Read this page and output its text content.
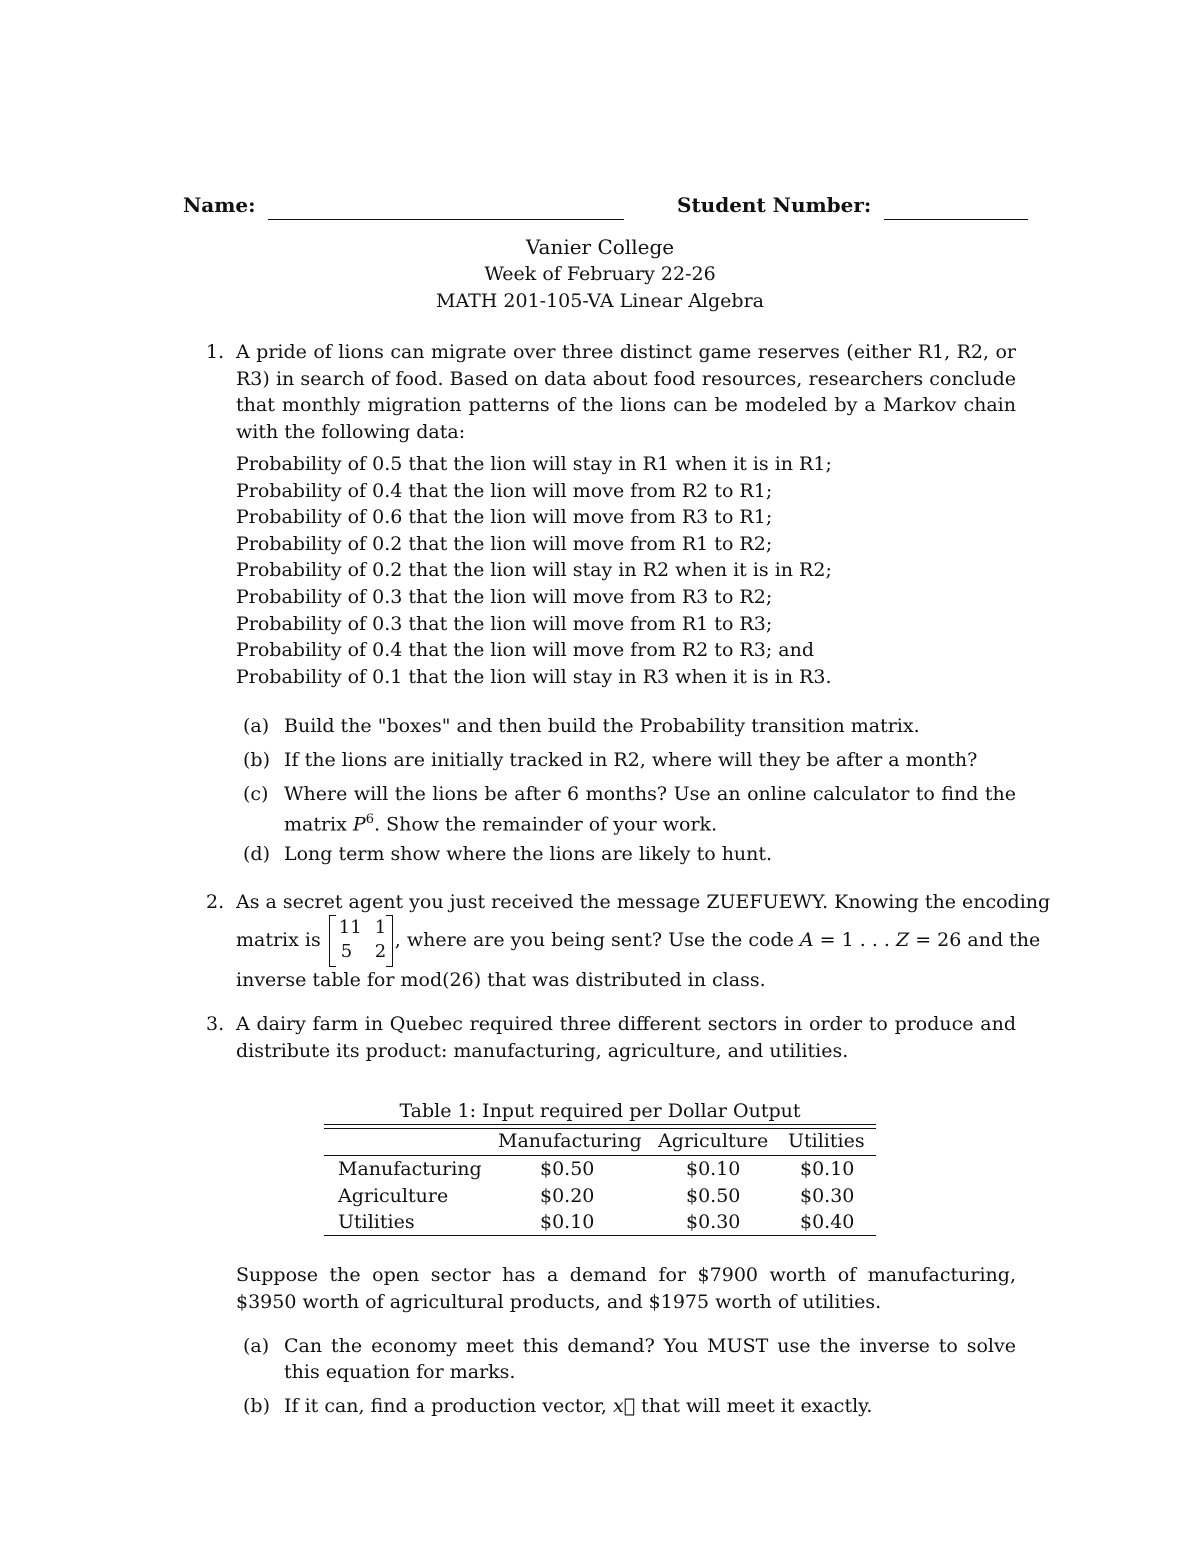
Name:	Student Number:
Vanier College
Week of February 22-26
MATH 201-105-VA Linear Algebra
1. A pride of lions can migrate over three distinct game reserves (either R1, R2, or R3) in search of food. Based on data about food resources, researchers conclude that monthly migration patterns of the lions can be modeled by a Markov chain with the following data:
Probability of 0.5 that the lion will stay in R1 when it is in R1;
Probability of 0.4 that the lion will move from R2 to R1;
Probability of 0.6 that the lion will move from R3 to R1;
Probability of 0.2 that the lion will move from R1 to R2;
Probability of 0.2 that the lion will stay in R2 when it is in R2;
Probability of 0.3 that the lion will move from R3 to R2;
Probability of 0.3 that the lion will move from R1 to R3;
Probability of 0.4 that the lion will move from R2 to R3; and
Probability of 0.1 that the lion will stay in R3 when it is in R3.
(a) Build the "boxes" and then build the Probability transition matrix.
(b) If the lions are initially tracked in R2, where will they be after a month?
(c) Where will the lions be after 6 months? Use an online calculator to find the matrix $P^6$. Show the remainder of your work.
(d) Long term show where the lions are likely to hunt.
2. As a secret agent you just received the message ZUEFUEWY. Knowing the encoding
matrix is
11 1
5 2
, where are you being sent? Use the code A = 1 . . . Z = 26 and the
inverse table for mod(26) that was distributed in class.
3. A dairy farm in Quebec required three different sectors in order to produce and distribute its product: manufacturing, agriculture, and utilities.
Table 1: Input required per Dollar Output
Manufacturing Agriculture Utilities
Manufacturing	$0.50	$0.10	$0.10
Agriculture	$0.20	$0.50	$0.30
Utilities	$0.10	$0.30	$0.40
Suppose the open sector has a demand for $7900 worth of manufacturing, $3950 worth of agricultural products, and $1975 worth of utilities.
(a) Can the economy meet this demand? You MUST use the inverse to solve this equation for marks.
(b) If it can, find a production vector, x⃗ that will meet it exactly.
